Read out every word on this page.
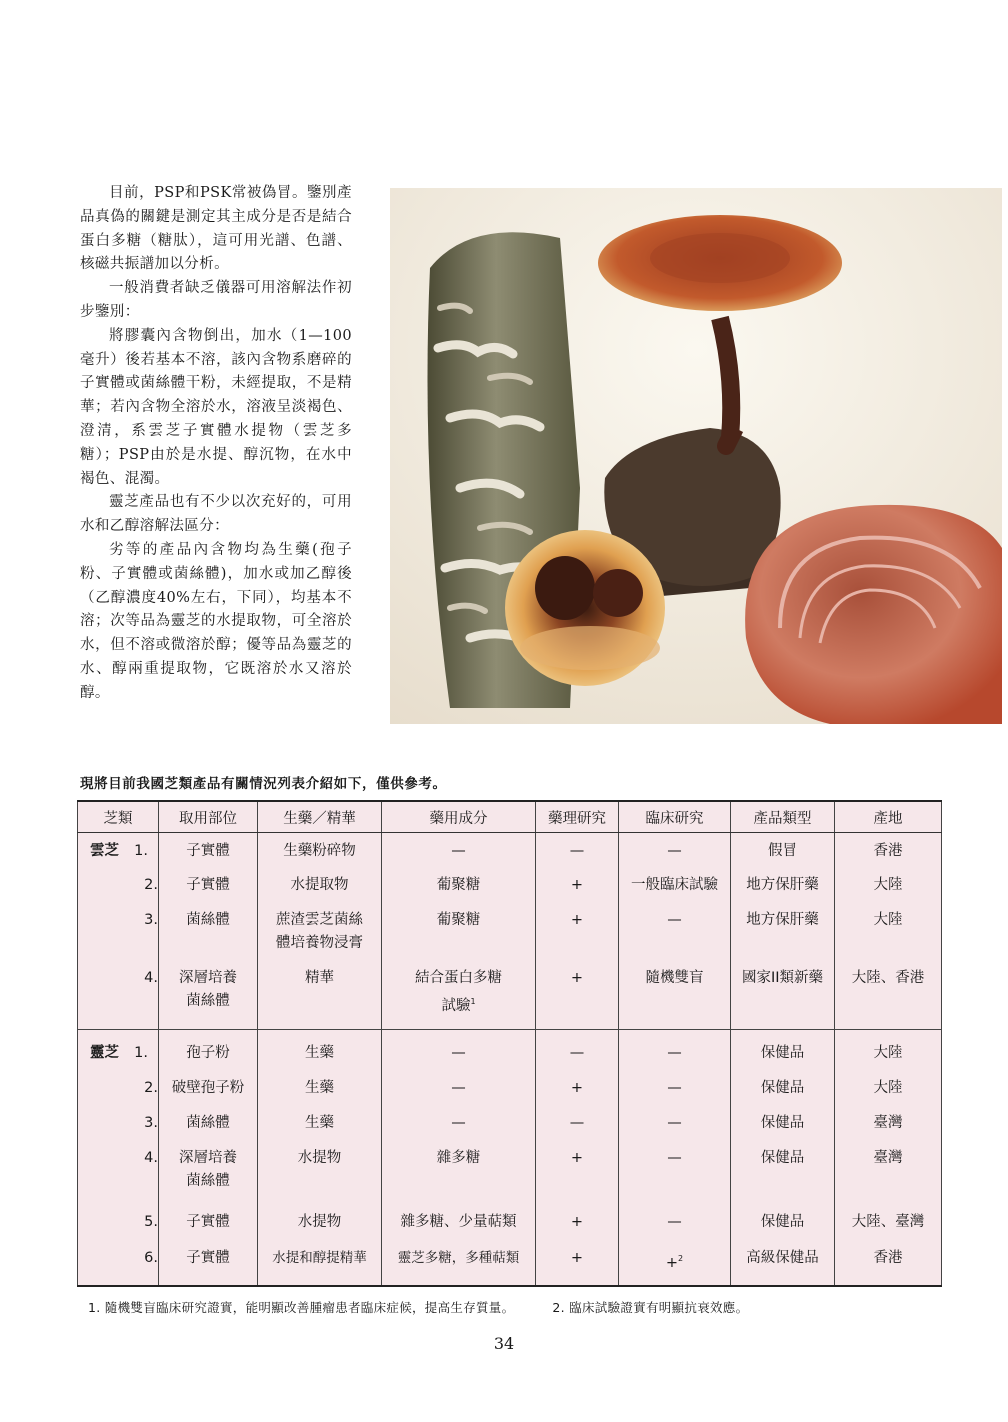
目前，PSP和PSK常被偽冒。鑒別產品真偽的關鍵是測定其主成分是否是結合蛋白多糖（糖肽），這可用光譜、色譜、核磁共振譜加以分析。

一般消費者缺乏儀器可用溶解法作初步鑒別：

將膠囊內含物倒出，加水（1—100毫升）後若基本不溶，該內含物系磨碎的子實體或菌絲體干粉，未經提取，不是精華；若內含物全溶於水，溶液呈淡褐色、澄清，系雲芝子實體水提物（雲芝多糖）；PSP由於是水提、醇沉物，在水中褐色、混濁。

靈芝產品也有不少以次充好的，可用水和乙醇溶解法區分：

劣等的產品內含物均為生藥(孢子粉、子實體或菌絲體)，加水或加乙醇後（乙醇濃度40%左右，下同），均基本不溶；次等品為靈芝的水提取物，可全溶於水，但不溶或微溶於醇；優等品為靈芝的水、醇兩重提取物，它既溶於水又溶於醇。

現將目前我國芝類產品有關情況列表介紹如下，僅供參考。
芝類	取用部位	生藥／精華	藥用成分	藥理研究	臨床研究	產品類型	產地

雲芝 1.	子實體	生藥粉碎物	—	—	—	假冒	香港
2.	子實體	水提取物	葡聚糖	+	一般臨床試驗	地方保肝藥	大陸
3.	菌絲體	蔗渣雲芝菌絲體培養物浸膏	葡聚糖	+	—	地方保肝藥	大陸
4.	深層培養菌絲體	精華	結合蛋白多糖試驗$^1$	+	隨機雙盲	國家II類新藥	大陸、香港

靈芝 1.	孢子粉	生藥	—	—	—	保健品	大陸
2.	破壁孢子粉	生藥	—	+	—	保健品	大陸
3.	菌絲體	生藥	—	—	—	保健品	臺灣
4.	深層培養菌絲體	水提物	雜多糖	+	—	保健品	臺灣
5.	子實體	水提物	雜多糖、少量萜類	+	—	保健品	大陸、臺灣
6.	子實體	水提和醇提精華	靈芝多糖，多種萜類	+	+$^2$	高級保健品	香港
1. 隨機雙盲臨床研究證實，能明顯改善腫瘤患者臨床症候，提高生存質量。	2. 臨床試驗證實有明顯抗衰效應。
34
